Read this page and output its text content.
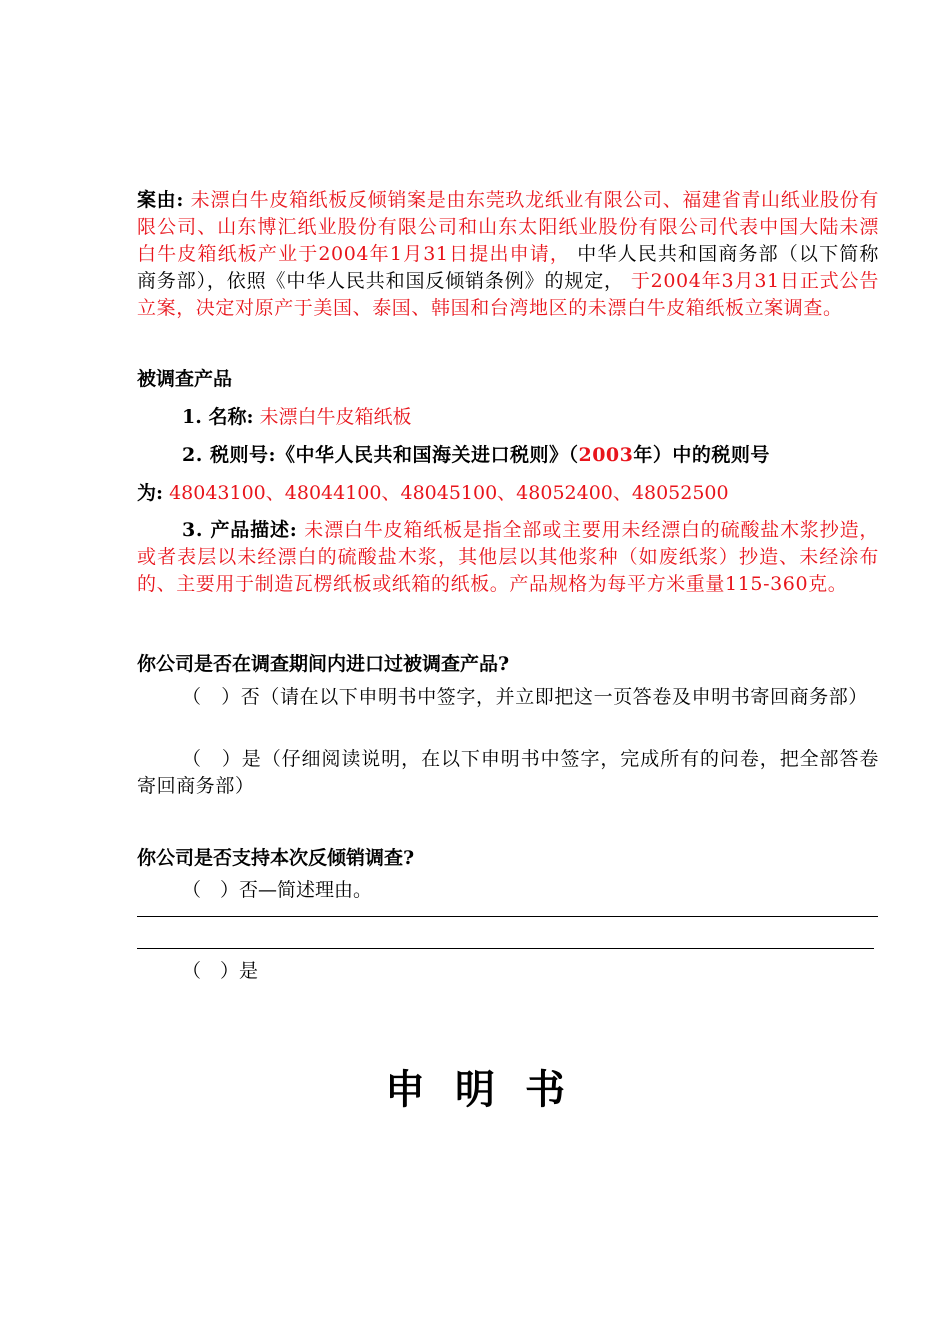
案由: 未漂白牛皮箱纸板反倾销案是由东莞玖龙纸业有限公司、福建省青山纸业股份有限公司、山东博汇纸业股份有限公司和山东太阳纸业股份有限公司代表中国大陆未漂白牛皮箱纸板产业于2004年1月31日提出申请， 中华人民共和国商务部（以下简称商务部），依照《中华人民共和国反倾销条例》的规定， 于2004年3月31日正式公告立案，决定对原产于美国、泰国、韩国和台湾地区的未漂白牛皮箱纸板立案调查。
被调查产品
1. 名称: 未漂白牛皮箱纸板
2. 税则号:《中华人民共和国海关进口税则》（2003年）中的税则号
为: 48043100、48044100、48045100、48052400、48052500
3. 产品描述: 未漂白牛皮箱纸板是指全部或主要用未经漂白的硫酸盐木浆抄造，或者表层以未经漂白的硫酸盐木浆，其他层以其他浆种（如废纸浆）抄造、未经涂布的、主要用于制造瓦楞纸板或纸箱的纸板。产品规格为每平方米重量115-360克。
你公司是否在调查期间内进口过被调查产品?
（　）否（请在以下申明书中签字，并立即把这一页答卷及申明书寄回商务部）
（　）是（仔细阅读说明，在以下申明书中签字，完成所有的问卷，把全部答卷寄回商务部）
你公司是否支持本次反倾销调查?
（　）否—简述理由。
（　）是
申明书
